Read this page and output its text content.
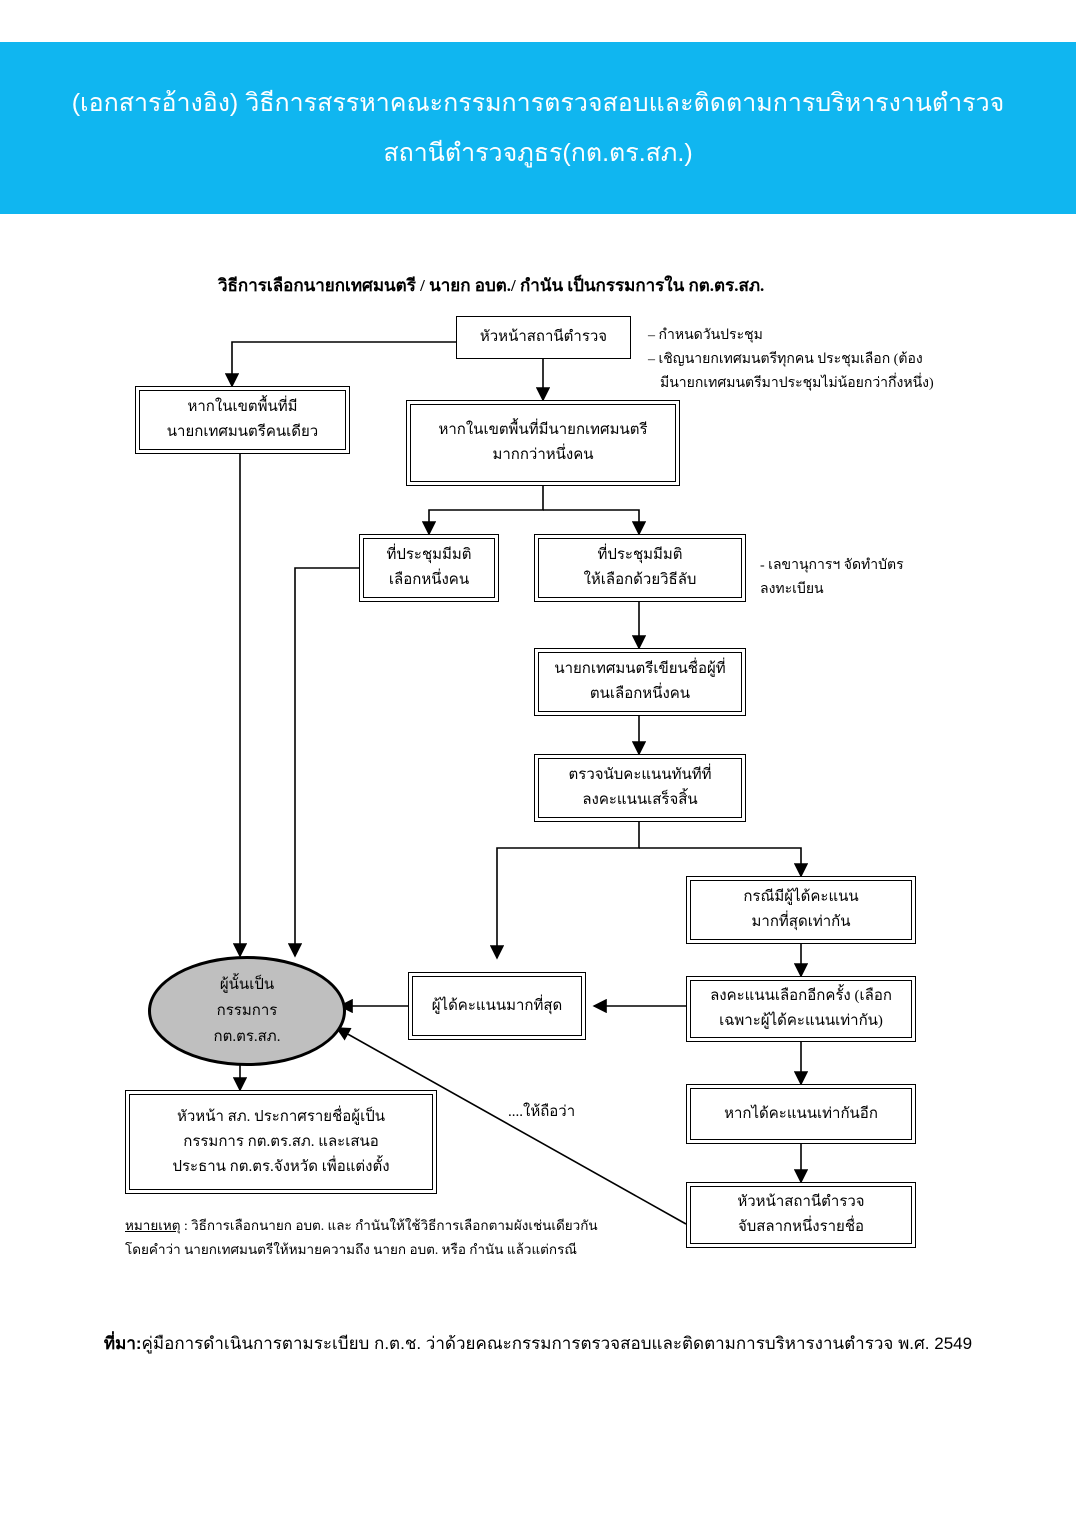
(เอกสารอ้างอิง) วิธีการสรรหาคณะกรรมการตรวจสอบและติดตามการบริหารงานตำรวจ
สถานีตำรวจภูธร(กต.ตร.สภ.)
วิธีการเลือกนายกเทศมนตรี / นายก อบต./ กำนัน เป็นกรรมการใน กต.ตร.สภ.
หัวหน้าสถานีตำรวจ	– กำหนดวันประชุม
– เชิญนายกเทศมนตรีทุกคน ประชุมเลือก (ต้อง
มีนายกเทศมนตรีมาประชุมไม่น้อยกว่ากึ่งหนึ่ง)
หากในเขตพื้นที่มี
นายกเทศมนตรีคนเดียว	หากในเขตพื้นที่มีนายกเทศมนตรี
มากกว่าหนึ่งคน
ที่ประชุมมีมติ
เลือกหนึ่งคน
ที่ประชุมมีมติ
ให้เลือกด้วยวิธีลับ
- เลขานุการฯ จัดทำบัตร
ลงทะเบียน
นายกเทศมนตรีเขียนชื่อผู้ที่
ตนเลือกหนึ่งคน
ตรวจนับคะแนนทันทีที่
ลงคะแนนเสร็จสิ้น
กรณีมีผู้ได้คะแนน
มากที่สุดเท่ากัน
ลงคะแนนเลือกอีกครั้ง (เลือก
เฉพาะผู้ได้คะแนนเท่ากัน)
หากได้คะแนนเท่ากันอีก
หัวหน้าสถานีตำรวจ
จับสลากหนึ่งรายชื่อ
ผู้ได้คะแนนมากที่สุด
....ให้ถือว่า
ผู้นั้นเป็น
กรรมการ
กต.ตร.สภ.
หัวหน้า สภ. ประกาศรายชื่อผู้เป็น
กรรมการ กต.ตร.สภ. และเสนอ
ประธาน กต.ตร.จังหวัด เพื่อแต่งตั้ง
หมายเหตุ : วิธีการเลือกนายก อบต. และ กำนันให้ใช้วิธีการเลือกตามผังเช่นเดียวกัน
โดยคำว่า นายกเทศมนตรีให้หมายความถึง นายก อบต. หรือ กำนัน แล้วแต่กรณี
ที่มา:คู่มือการดำเนินการตามระเบียบ ก.ต.ช. ว่าด้วยคณะกรรมการตรวจสอบและติดตามการบริหารงานตำรวจ พ.ศ. 2549
